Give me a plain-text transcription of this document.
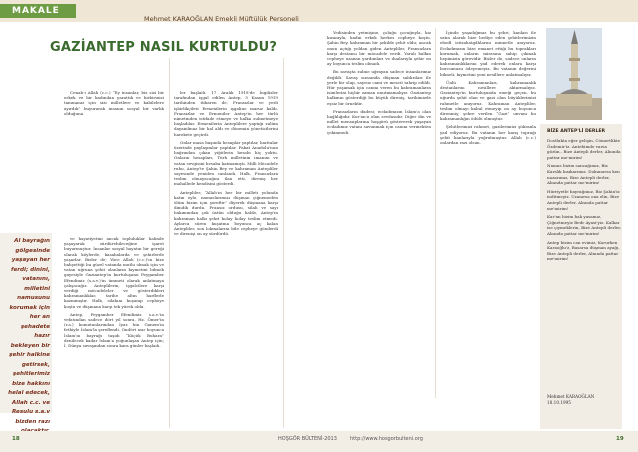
MAKALE
Mehmet KARAOĞLAN Emekli Müftülük Personeli
GAZİANTEP NASIL KURTULDU?

Cenab-ı Allah (c.c.) “Ey insanlar, biz sizi bir erkek ve bir kadından yarattık ve birbirinizi tanımanız için sizi milletlere ve kabilelere ayırdık” buyurarak insanın sosyal bir varlık olduğuna

Al bayrağın gölgesinde yaşayan her ferdi; dinini, vatanını, milletini namusunu korumak için her an şehadete hazır bekleyen bir şehir halkine getirsek, şehitlerimiz bize hakkını helal edecek, Allah c.c. ve Resulu s.a.v bizden razı

ve hayatiyetini ancak topluluklar halinde yaşayarak sürdürebileceğine işaret buyurmuştur. İnsanlar sosyal hayatın bir gereği olarak köylerde, kasabalarda ve şehirlerde yaşarlar. Bizler de; Yüce Allah (c.c.)'ın bize bahşettiği bu güzel vatanda mutlu olmak için ve vatan uğruna şehit olanların kıymetini bilmek gayesiyle Gaziantep'in kurtuluşunu Peygamber Efendimiz (s.a.v.)'in ümmeti olarak anlatmaya çalışacağız. Anteplilerin, işgalcilere karşı verdiği mücadeleler ve gösterdikleri kahramanlıklar, tarihe altın harflerle kazınmıştır. Halk, silahını kuşanıp cepheye koştu ve düşmana karşı tek yürek oldu.

Antep, Peygamber Efendimiz s.a.v.'in vefatından sadece dört yıl sonra, Hz. Ömer'in (r.a.) komutanlarından İyaz bin Ganem'in fethiyle İslam'la şereflendi. Ondört asır boyunca İslam'ın bayrağı taşıdı “Küçük Buhara” denilecek kadar İslam'a yoğunlaşan Antep için; İ. Dünya savaşından sonra kara günler başladı.

ler başladı. 17 Aralık 1918'de İngilizler tarafından işgal edilen Antep, 5 Kasım 1919 tarihinden itibaren de, Fransızlar ve yerli işbirlikçileri Ermenilerin işgaline maruz kaldı. Fransızlar ve Ermeniler Antep'in her türlü nimetinden istifade etmeye ve halka zulmetmeye başladılar. Ermenilerin Anteplilere yaptığı zulüm dayanılmaz bir hal aldı ve dönemin yöneticilerini harekete geçirdi.

Onlar masa başında hesaplar yaptılar, haritalar üzerinde paylaşımlar yaptılar. Fakat Anadolu'nun bağrından çıkan yiğitlerin hesabı hiç yoktu. Onların hesapları, Türk milletinin imanını ve vatan sevgisini hesaba katmamıştı. Milli Mücadele ruhu, Antep'te Şahin Bey ve kahraman Antepliler sayesinde yeniden canlandı. Halk, Fransızlara teslim olmayacağını ilan etti, direniş her mahallede kendisini gösterdi.

Antepliler, “Allah'ın her bir milleti yolunda katın eyle, namuslarımızı düşman çiğnemeden ölüm bizim için şereftir” diyerek düşmana karşı dimdik durdu. Fransız ordusu, silah ve sayı bakımından çok üstün olduğu halde, Antep'in kahraman halkı şehri kolay kolay teslim etmedi. Aylarca süren kuşatma boyunca aç kalan Antepliler, son lokmalarını bile cepheye gönderdi ve direnişi on ay sürdürdü.

Yedisinden yetmişine, çoluğu çocuğuyla, kız kızanıyla, kadın erkek herkes cepheye koştu. Şahin Bey, kahraman bir şekilde şehit oldu; ancak onun açtığı yoldan giden Antepliler, Fransızlara karşı destansı bir mücadele verdi. Yaralı halkın cepheye uzanan yardımları ve dualarıyla şehir on ay boyunca teslim olmadı.

Bu savaşta zulme uğrayan sadece insanlarımız değildi. Savaş sırasında düşman saldırıları ile yerle bir olup, sayısız cami ve mescit tahrip edildi. Hür yaşamak için canını veren bu kahramanların isimlerini hiçbir zaman unutmamalıyız. Gaziantep halkının gösterdiği bu büyük direniş, tarihimizde eşsiz bir örnektir.

Fransızların ifadesi; ecdadımızın İslam'a olan bağlılığıdır. Kur'an'a olan sevdasıdır. Diğer din ve millet mensuplarına hoşgörü göstererek yaşayan ecdadımız vatanı savunmak için canını vermekten çekinmedi.

İçinde yaşadığımız bu şehri, kanları ile satın alarak bize hediye eden şehitlerimizin ebedî istirahatgâhlarını minnetle anıyoruz. Ecdadımızın bize emanet ettiği bu toprakları korumak, onların mirasına sahip çıkmak hepimizin görevidir. Bizler de, sadece onların kahramanlıklarını yad ederek onlara karşı borcumuzu ödeyemeyiz. Bu vatanın değerini bilmeli, kıymetini yeni nesillere anlatmalıyız.

Ünlü Kahramanları, kahramanlık destanlarını nesillere aktarmalıyız. Gaziantep'in kurtuluşunda emeği geçen, bu uğurda şehit olan ve gazi olan büyüklerimizi rahmetle anıyoruz. Kahraman Antepliler, teslim olmayı kabul etmeyip on ay boyunca direnmiş; şehre verilen “Gazi” unvanı bu kahramanlığın ödülü olmuştur.

Şehitlerimizi rahmet, gazilerimizi şükranla yad ediyoruz. Bu vatanın her karış toprağı şehit kanlarıyla yoğrulmuştur. Allah (c.c.) onlardan razı olsun.

BİZE ANTEP'Lİ DERLER
Dostlukta eğer gelişin, Cömertlikte Özdemir'iz. Antebimde varsa gözün.. Bize Antepli derler, Alnında pattar me'mirim!
Namus bizim sancağımız, Biz Karslık kısıkarımız. Dokunursa ken nazarımız, Bize Antepli derler, Alnında pattar me'mirim!
Hürriyetle bayrağımız, Biz Şahin'iz inditmeyiz. Uzanırsa ona elin, Bize Antepli derler, Alnında pattar me'mirim!
Kar'an bizim bak yasamız, Çiğnetmeyiz Bedr Ayasi'yiz. Kalkar ise çiymeklerin, Bize Antepli derler, Alnında pattar me'mirim!
Antep bizim can evimiz, Korurken Karaoğlu'z, Basarsa düşman ayağı, Bize Antepli derler, Alnında pattar me'mirim!
Mehmet KARAOĞLAN
18.10.1995
18	HOŞGÖR BÜLTENİ-2013	http://www.hosgorbulteni.org	19
